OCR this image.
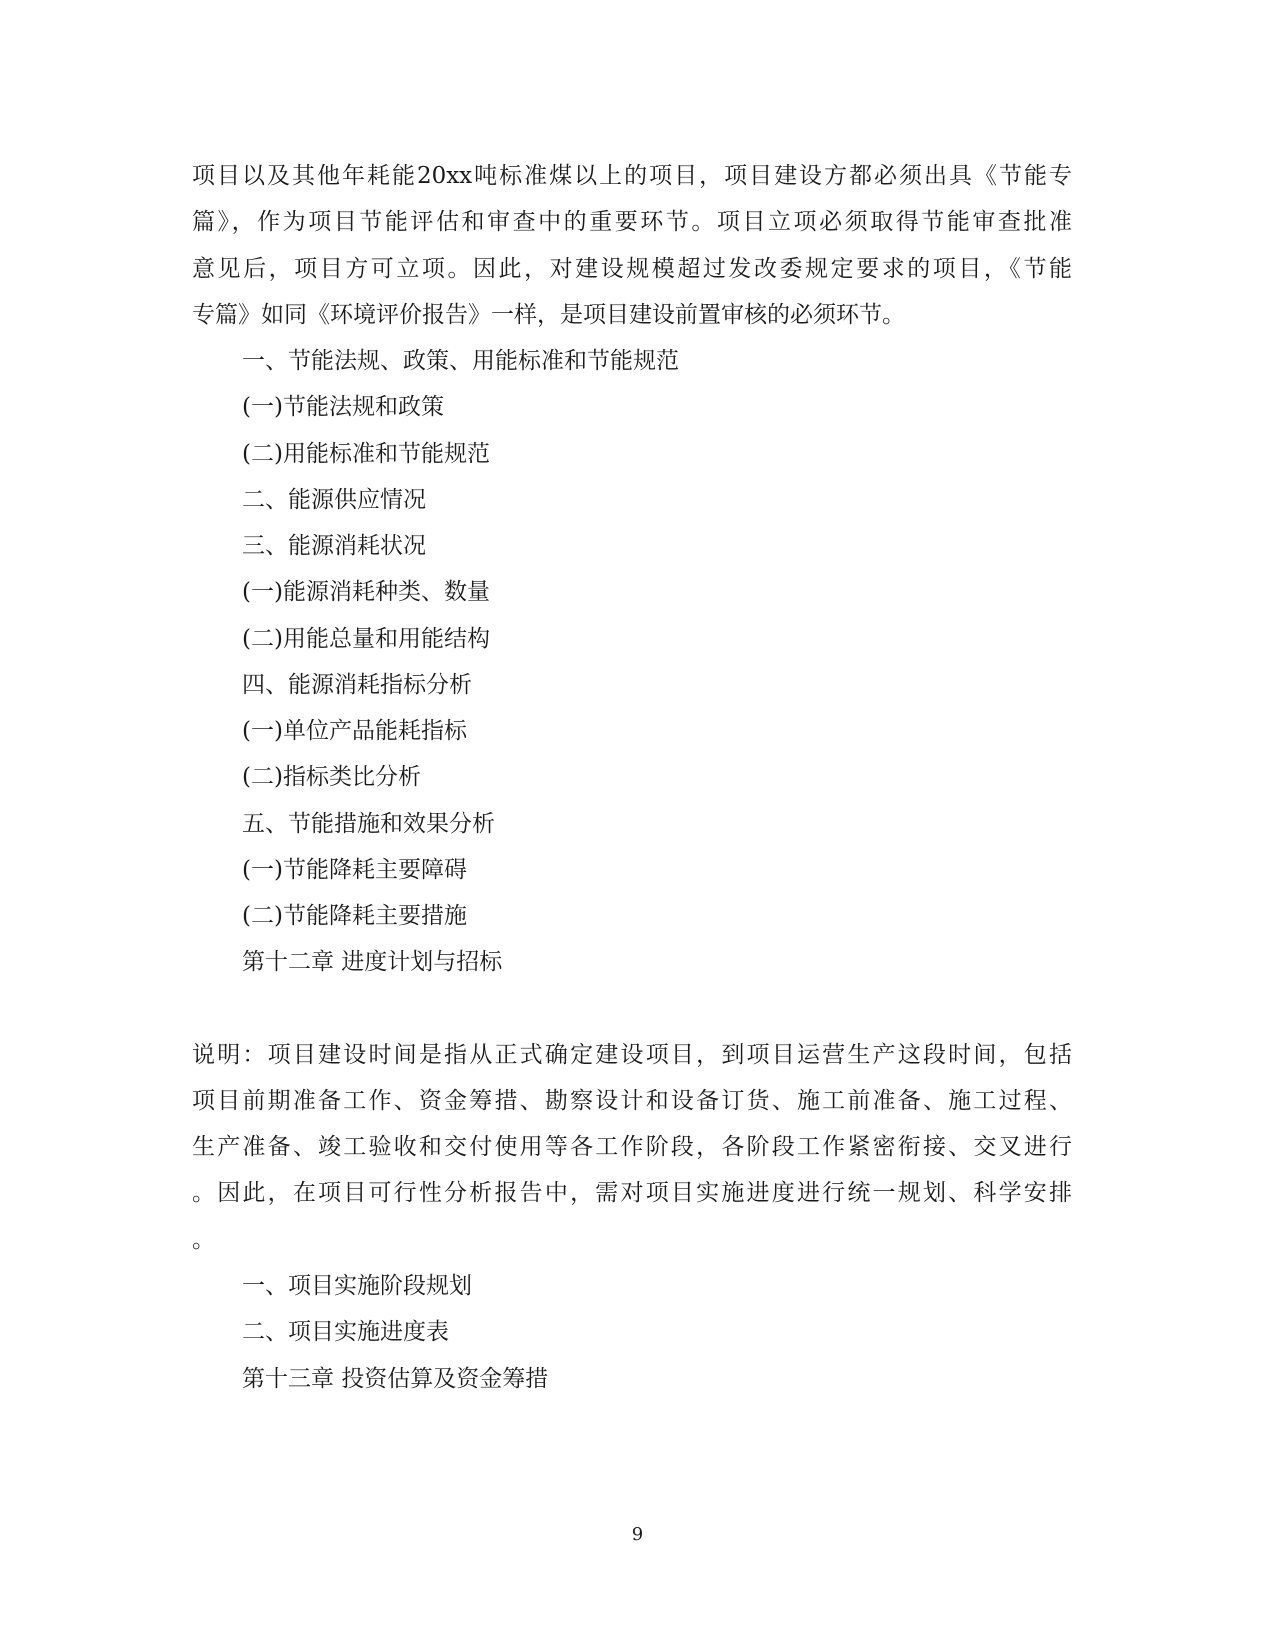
项目以及其他年耗能20xx吨标准煤以上的项目，项目建设方都必须出具《节能专
篇》，作为项目节能评估和审查中的重要环节。项目立项必须取得节能审查批准
意见后，项目方可立项。因此，对建设规模超过发改委规定要求的项目，《节能
专篇》如同《环境评价报告》一样，是项目建设前置审核的必须环节。
一、节能法规、政策、用能标准和节能规范
(一)节能法规和政策
(二)用能标准和节能规范
二、能源供应情况
三、能源消耗状况
(一)能源消耗种类、数量
(二)用能总量和用能结构
四、能源消耗指标分析
(一)单位产品能耗指标
(二)指标类比分析
五、节能措施和效果分析
(一)节能降耗主要障碍
(二)节能降耗主要措施
第十二章 进度计划与招标
说明：项目建设时间是指从正式确定建设项目，到项目运营生产这段时间，包括
项目前期准备工作、资金筹措、勘察设计和设备订货、施工前准备、施工过程、
生产准备、竣工验收和交付使用等各工作阶段，各阶段工作紧密衔接、交叉进行
。因此，在项目可行性分析报告中，需对项目实施进度进行统一规划、科学安排
。
一、项目实施阶段规划
二、项目实施进度表
第十三章 投资估算及资金筹措
9
